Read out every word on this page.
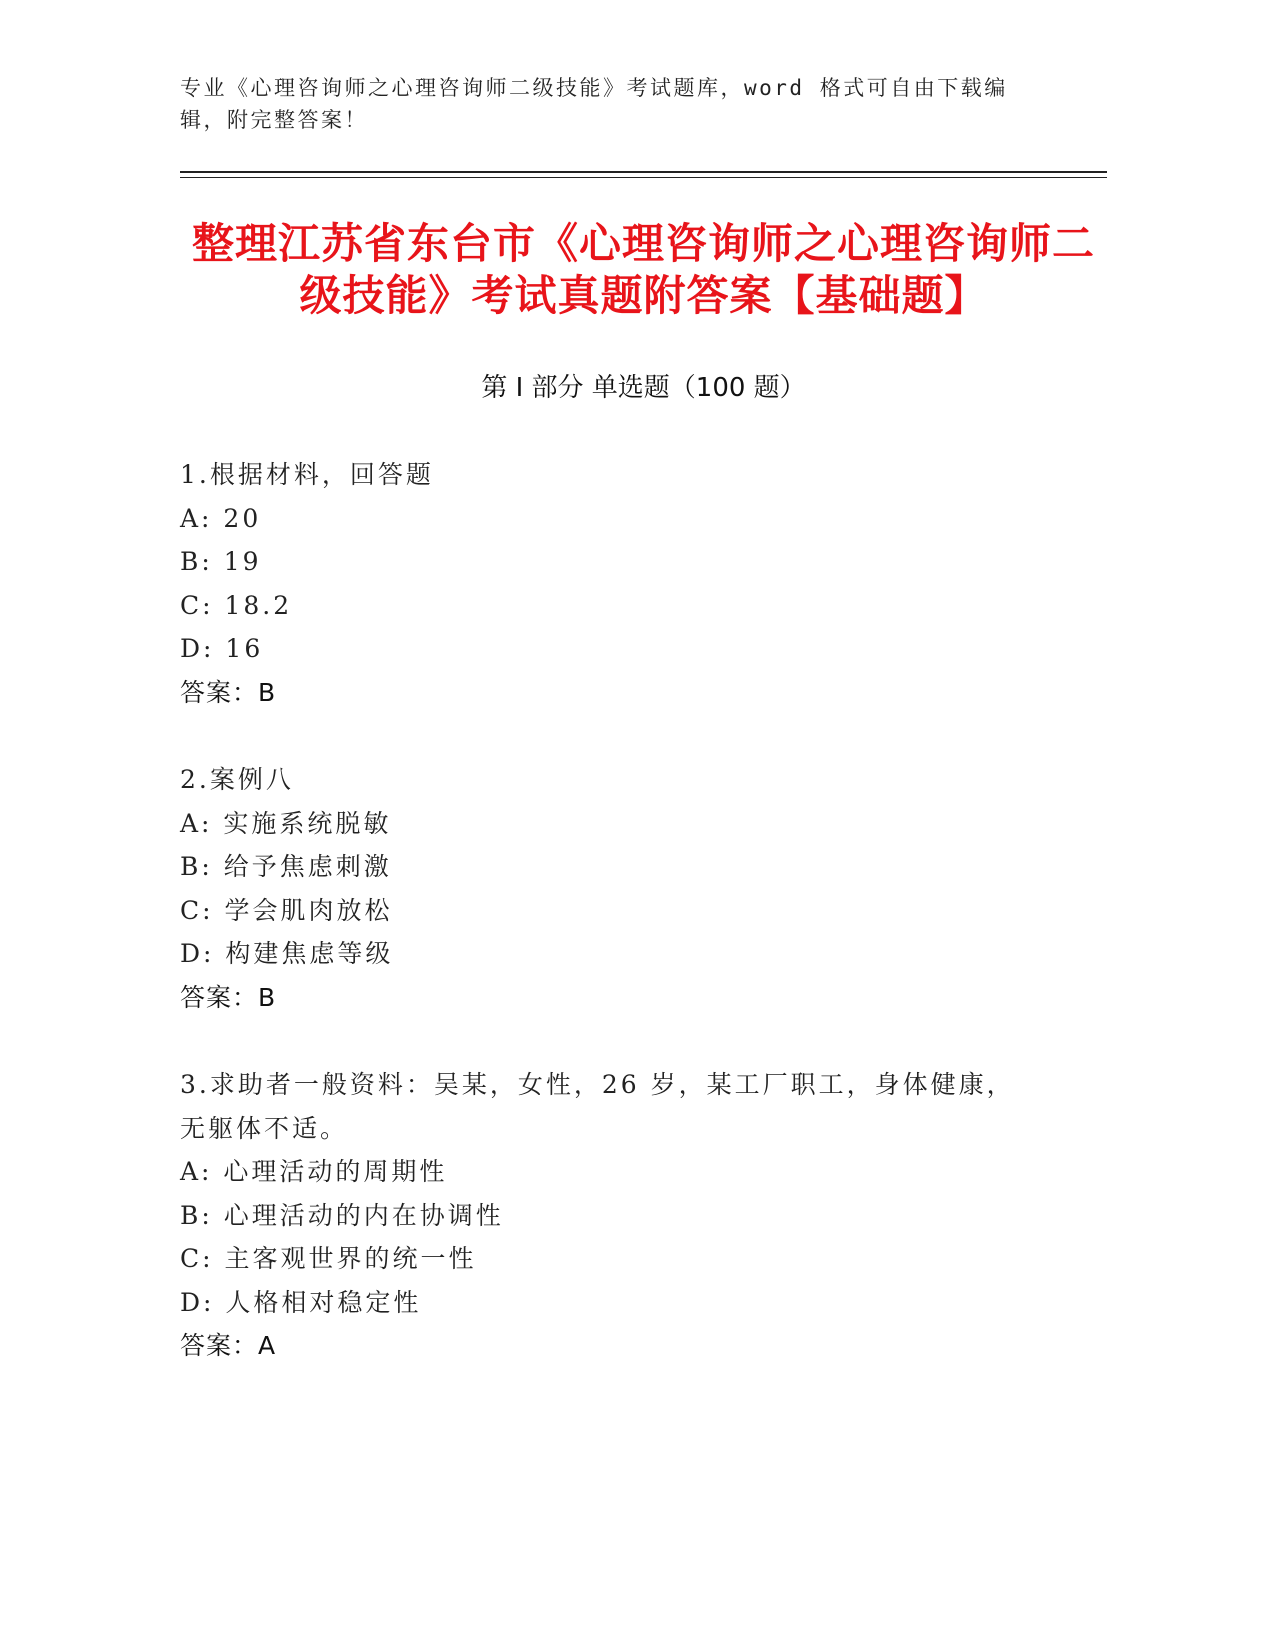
专业《心理咨询师之心理咨询师二级技能》考试题库，word 格式可自由下载编辑，附完整答案！
整理江苏省东台市《心理咨询师之心理咨询师二级技能》考试真题附答案【基础题】
第 I 部分 单选题（100 题）
1.根据材料，回答题
A: 20
B: 19
C: 18.2
D: 16
答案：B
2.案例八
A: 实施系统脱敏
B: 给予焦虑刺激
C: 学会肌肉放松
D: 构建焦虑等级
答案：B
3.求助者一般资料：吴某，女性，26 岁，某工厂职工，身体健康，无躯体不适。
A: 心理活动的周期性
B: 心理活动的内在协调性
C: 主客观世界的统一性
D: 人格相对稳定性
答案：A
